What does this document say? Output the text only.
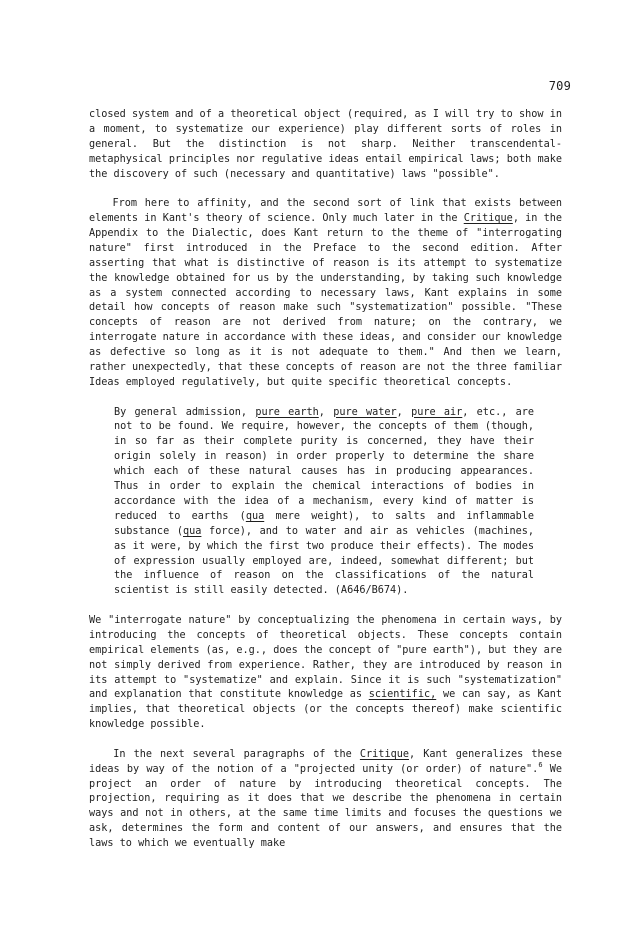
709

closed system and of a theoretical object (required, as I will try to show in a moment, to systematize our experience) play different sorts of roles in general. But the distinction is not sharp. Neither transcendental-metaphysical principles nor regulative ideas entail empirical laws; both make the discovery of such (necessary and quantitative) laws "possible".

From here to affinity, and the second sort of link that exists between elements in Kant's theory of science. Only much later in the Critique, in the Appendix to the Dialectic, does Kant return to the theme of "interrogating nature" first introduced in the Preface to the second edition. After asserting that what is distinctive of reason is its attempt to systematize the knowledge obtained for us by the understanding, by taking such knowledge as a system connected according to necessary laws, Kant explains in some detail how concepts of reason make such "systematization" possible. "These concepts of reason are not derived from nature; on the contrary, we interrogate nature in accordance with these ideas, and consider our knowledge as defective so long as it is not adequate to them." And then we learn, rather unexpectedly, that these concepts of reason are not the three familiar Ideas employed regulatively, but quite specific theoretical concepts.

By general admission, pure earth, pure water, pure air, etc., are not to be found. We require, however, the concepts of them (though, in so far as their complete purity is concerned, they have their origin solely in reason) in order properly to determine the share which each of these natural causes has in producing appearances. Thus in order to explain the chemical interactions of bodies in accordance with the idea of a mechanism, every kind of matter is reduced to earths (qua mere weight), to salts and inflammable substance (qua force), and to water and air as vehicles (machines, as it were, by which the first two produce their effects). The modes of expression usually employed are, indeed, somewhat different; but the influence of reason on the classifications of the natural scientist is still easily detected. (A646/B674).

We "interrogate nature" by conceptualizing the phenomena in certain ways, by introducing the concepts of theoretical objects. These concepts contain empirical elements (as, e.g., does the concept of "pure earth"), but they are not simply derived from experience. Rather, they are introduced by reason in its attempt to "systematize" and explain. Since it is such "systematization" and explanation that constitute knowledge as scientific, we can say, as Kant implies, that theoretical objects (or the concepts thereof) make scientific knowledge possible.

In the next several paragraphs of the Critique, Kant generalizes these ideas by way of the notion of a "projected unity (or order) of nature".$^6$ We project an order of nature by introducing theoretical concepts. The projection, requiring as it does that we describe the phenomena in certain ways and not in others, at the same time limits and focuses the questions we ask, determines the form and content of our answers, and ensures that the laws to which we eventually make
